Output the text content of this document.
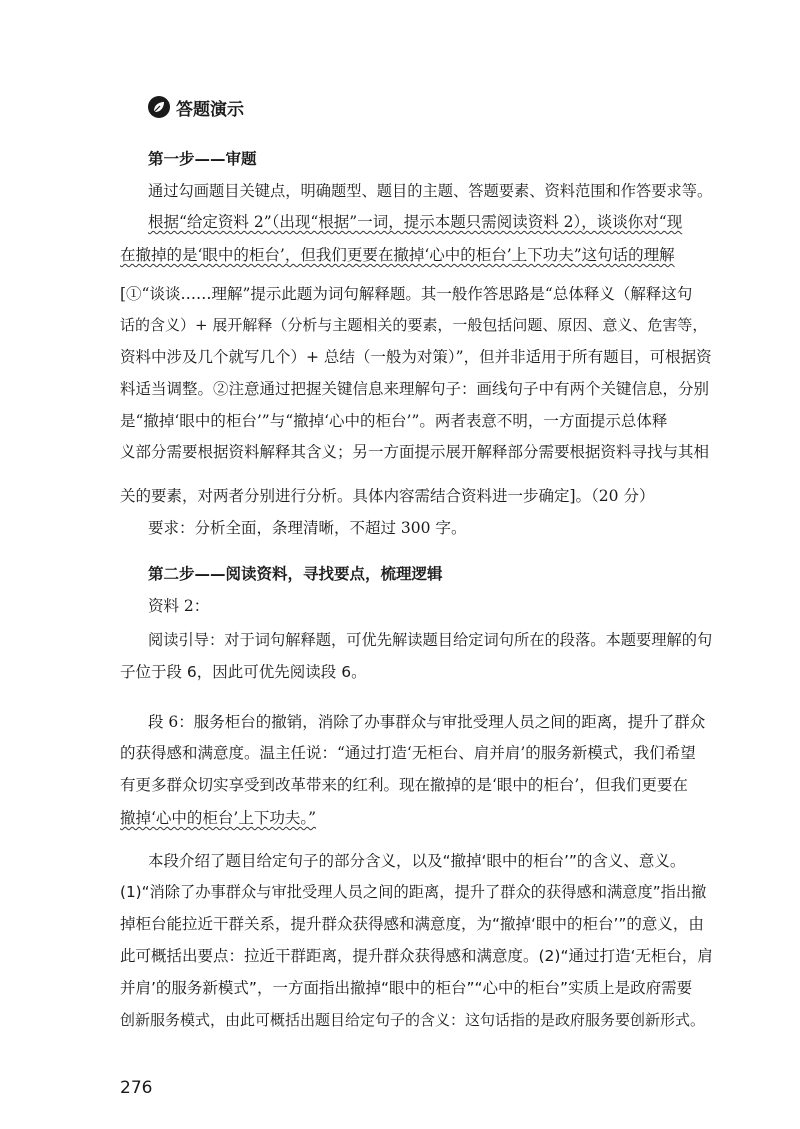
答题演示
第一步——审题
通过勾画题目关键点，明确题型、题目的主题、答题要素、资料范围和作答要求等。
根据“给定资料 2”（出现“根据”一词，提示本题只需阅读资料 2），谈谈你对“现
在撤掉的是‘眼中的柜台’，但我们更要在撤掉‘心中的柜台’上下功夫”这句话的理解
[①“谈谈……理解”提示此题为词句解释题。其一般作答思路是“总体释义（解释这句
话的含义）+ 展开解释（分析与主题相关的要素，一般包括问题、原因、意义、危害等，
资料中涉及几个就写几个）+ 总结（一般为对策）”，但并非适用于所有题目，可根据资
料适当调整。②注意通过把握关键信息来理解句子：画线句子中有两个关键信息，分别
是“撤掉‘眼中的柜台’”与“撤掉‘心中的柜台’”。两者表意不明，一方面提示总体释
义部分需要根据资料解释其含义；另一方面提示展开解释部分需要根据资料寻找与其相
关的要素，对两者分别进行分析。具体内容需结合资料进一步确定]。（20 分）
要求：分析全面，条理清晰，不超过 300 字。
第二步——阅读资料，寻找要点，梳理逻辑
资料 2：
阅读引导：对于词句解释题，可优先解读题目给定词句所在的段落。本题要理解的句
子位于段 6，因此可优先阅读段 6。
段 6：服务柜台的撤销，消除了办事群众与审批受理人员之间的距离，提升了群众
的获得感和满意度。温主任说：“通过打造‘无柜台、肩并肩’的服务新模式，我们希望
有更多群众切实享受到改革带来的红利。现在撤掉的是‘眼中的柜台’，但我们更要在
撤掉‘心中的柜台’上下功夫。”
本段介绍了题目给定句子的部分含义，以及“撤掉‘眼中的柜台’”的含义、意义。
(1)“消除了办事群众与审批受理人员之间的距离，提升了群众的获得感和满意度”指出撤
掉柜台能拉近干群关系，提升群众获得感和满意度，为“撤掉‘眼中的柜台’”的意义，由
此可概括出要点：拉近干群距离，提升群众获得感和满意度。(2)“通过打造‘无柜台，肩
并肩’的服务新模式”，一方面指出撤掉“眼中的柜台”“心中的柜台”实质上是政府需要
创新服务模式，由此可概括出题目给定句子的含义：这句话指的是政府服务要创新形式。
276
